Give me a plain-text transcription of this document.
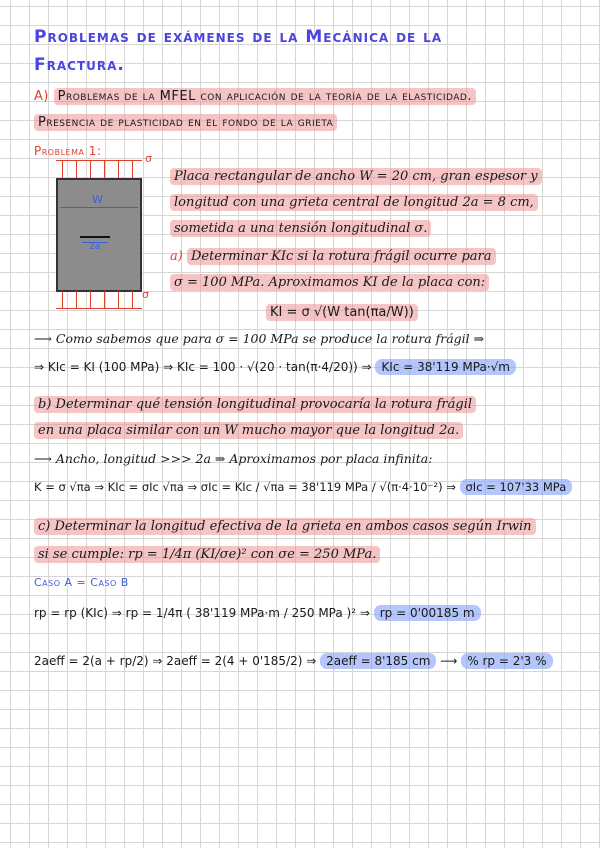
Problemas de exámenes de la Mecánica de la
Fractura.
A) Problemas de la MFEL con aplicación de la teoría de la elasticidad.
Presencia de plasticidad en el fondo de la grieta
Problema 1:
σ
σ
W
2a
Placa rectangular de ancho W = 20 cm, gran espesor y
longitud con una grieta central de longitud 2a = 8 cm,
sometida a una tensión longitudinal σ.
a) Determinar KIc si la rotura frágil ocurre para
σ = 100 MPa. Aproximamos KI de la placa con:
KI = σ √(W tan(πa/W))
⟶ Como sabemos que para σ = 100 MPa se produce la rotura frágil ⇒
⇒ KIc = KI (100 MPa) ⇒ KIc = 100 · √(20 · tan(π·4/20)) ⇒ KIc = 38'119 MPa·√m
b) Determinar qué tensión longitudinal provocaría la rotura frágil
en una placa similar con un W mucho mayor que la longitud 2a.
⟶ Ancho, longitud >>> 2a ⇒ Aproximamos por placa infinita:
K = σ √πa ⇒ KIc = σIc √πa ⇒ σIc = KIc / √πa = 38'119 MPa / √(π·4·10⁻²) ⇒ σIc = 107'33 MPa
c) Determinar la longitud efectiva de la grieta en ambos casos según Irwin
si se cumple: rp = 1/4π (KI/σe)² con σe = 250 MPa.
Caso A = Caso B
rp = rp (KIc) ⇒ rp = 1/4π ( 38'119 MPa·m / 250 MPa )² ⇒ rp = 0'00185 m
2aeff = 2(a + rp/2) ⇒ 2aeff = 2(4 + 0'185/2) ⇒ 2aeff = 8'185 cm ⟶ % rp = 2'3 %
